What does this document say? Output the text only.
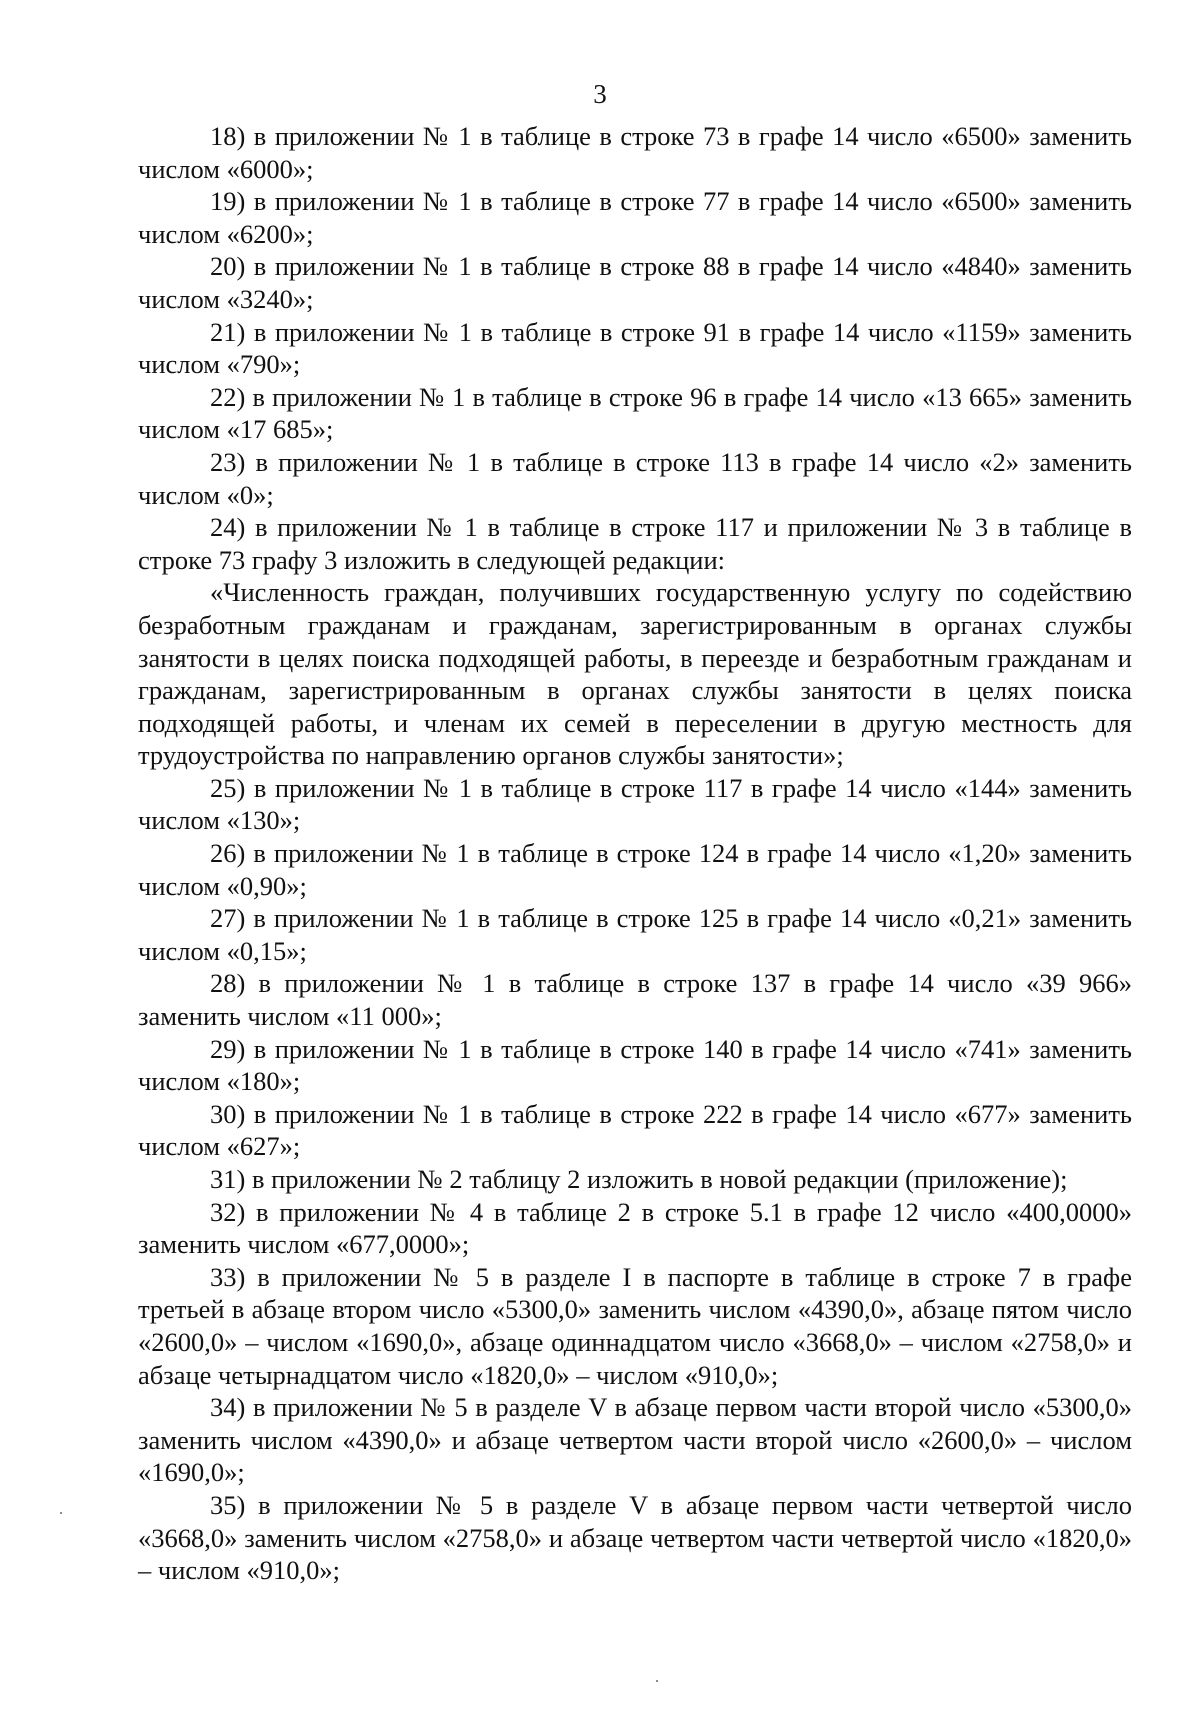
3

18) в приложении № 1 в таблице в строке 73 в графе 14 число «6500» заменить числом «6000»;

19) в приложении № 1 в таблице в строке 77 в графе 14 число «6500» заменить числом «6200»;

20) в приложении № 1 в таблице в строке 88 в графе 14 число «4840» заменить числом «3240»;

21) в приложении № 1 в таблице в строке 91 в графе 14 число «1159» заменить числом «790»;

22) в приложении № 1 в таблице в строке 96 в графе 14 число «13 665» заменить числом «17 685»;

23) в приложении № 1 в таблице в строке 113 в графе 14 число «2» заменить числом «0»;

24) в приложении № 1 в таблице в строке 117 и приложении № 3 в таблице в строке 73 графу 3 изложить в следующей редакции:

«Численность граждан, получивших государственную услугу по содействию безработным гражданам и гражданам, зарегистрированным в органах службы занятости в целях поиска подходящей работы, в переезде и безработным гражданам и гражданам, зарегистрированным в органах службы занятости в целях поиска подходящей работы, и членам их семей в переселении в другую местность для трудоустройства по направлению органов службы занятости»;

25) в приложении № 1 в таблице в строке 117 в графе 14 число «144» заменить числом «130»;

26) в приложении № 1 в таблице в строке 124 в графе 14 число «1,20» заменить числом «0,90»;

27) в приложении № 1 в таблице в строке 125 в графе 14 число «0,21» заменить числом «0,15»;

28) в приложении № 1 в таблице в строке 137 в графе 14 число «39 966» заменить числом «11 000»;

29) в приложении № 1 в таблице в строке 140 в графе 14 число «741» заменить числом «180»;

30) в приложении № 1 в таблице в строке 222 в графе 14 число «677» заменить числом «627»;

31) в приложении № 2 таблицу 2 изложить в новой редакции (приложение);

32) в приложении № 4 в таблице 2 в строке 5.1 в графе 12 число «400,0000» заменить числом «677,0000»;

33) в приложении № 5 в разделе I в паспорте в таблице в строке 7 в графе третьей в абзаце втором число «5300,0» заменить числом «4390,0», абзаце пятом число «2600,0» – числом «1690,0», абзаце одиннадцатом число «3668,0» – числом «2758,0» и абзаце четырнадцатом число «1820,0» – числом «910,0»;

34) в приложении № 5 в разделе V в абзаце первом части второй число «5300,0» заменить числом «4390,0» и абзаце четвертом части второй число «2600,0» – числом «1690,0»;

35) в приложении № 5 в разделе V в абзаце первом части четвертой число «3668,0» заменить числом «2758,0» и абзаце четвертом части четвертой число «1820,0» – числом «910,0»;
